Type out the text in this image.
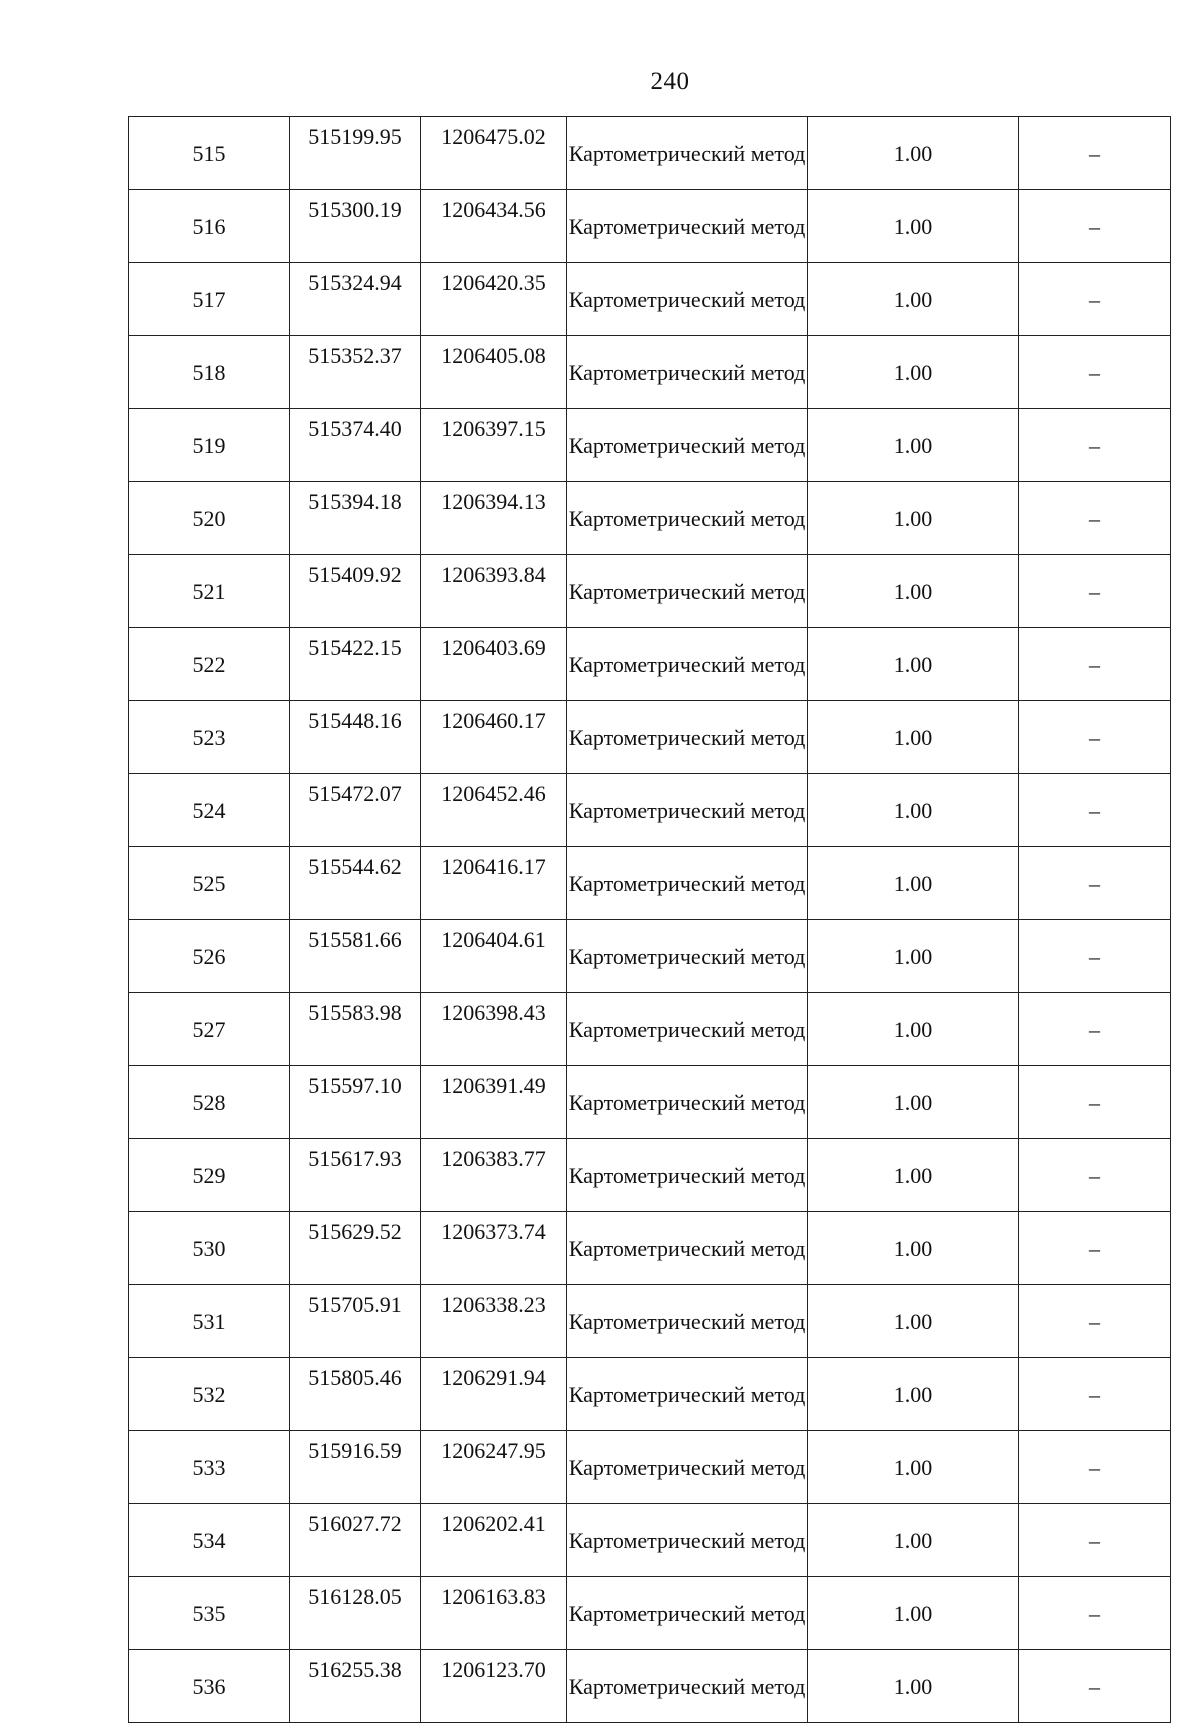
240
515	515199.95	1206475.02	Картометрический метод	1.00	–
516	515300.19	1206434.56	Картометрический метод	1.00	–
517	515324.94	1206420.35	Картометрический метод	1.00	–
518	515352.37	1206405.08	Картометрический метод	1.00	–
519	515374.40	1206397.15	Картометрический метод	1.00	–
520	515394.18	1206394.13	Картометрический метод	1.00	–
521	515409.92	1206393.84	Картометрический метод	1.00	–
522	515422.15	1206403.69	Картометрический метод	1.00	–
523	515448.16	1206460.17	Картометрический метод	1.00	–
524	515472.07	1206452.46	Картометрический метод	1.00	–
525	515544.62	1206416.17	Картометрический метод	1.00	–
526	515581.66	1206404.61	Картометрический метод	1.00	–
527	515583.98	1206398.43	Картометрический метод	1.00	–
528	515597.10	1206391.49	Картометрический метод	1.00	–
529	515617.93	1206383.77	Картометрический метод	1.00	–
530	515629.52	1206373.74	Картометрический метод	1.00	–
531	515705.91	1206338.23	Картометрический метод	1.00	–
532	515805.46	1206291.94	Картометрический метод	1.00	–
533	515916.59	1206247.95	Картометрический метод	1.00	–
534	516027.72	1206202.41	Картометрический метод	1.00	–
535	516128.05	1206163.83	Картометрический метод	1.00	–
536	516255.38	1206123.70	Картометрический метод	1.00	–
